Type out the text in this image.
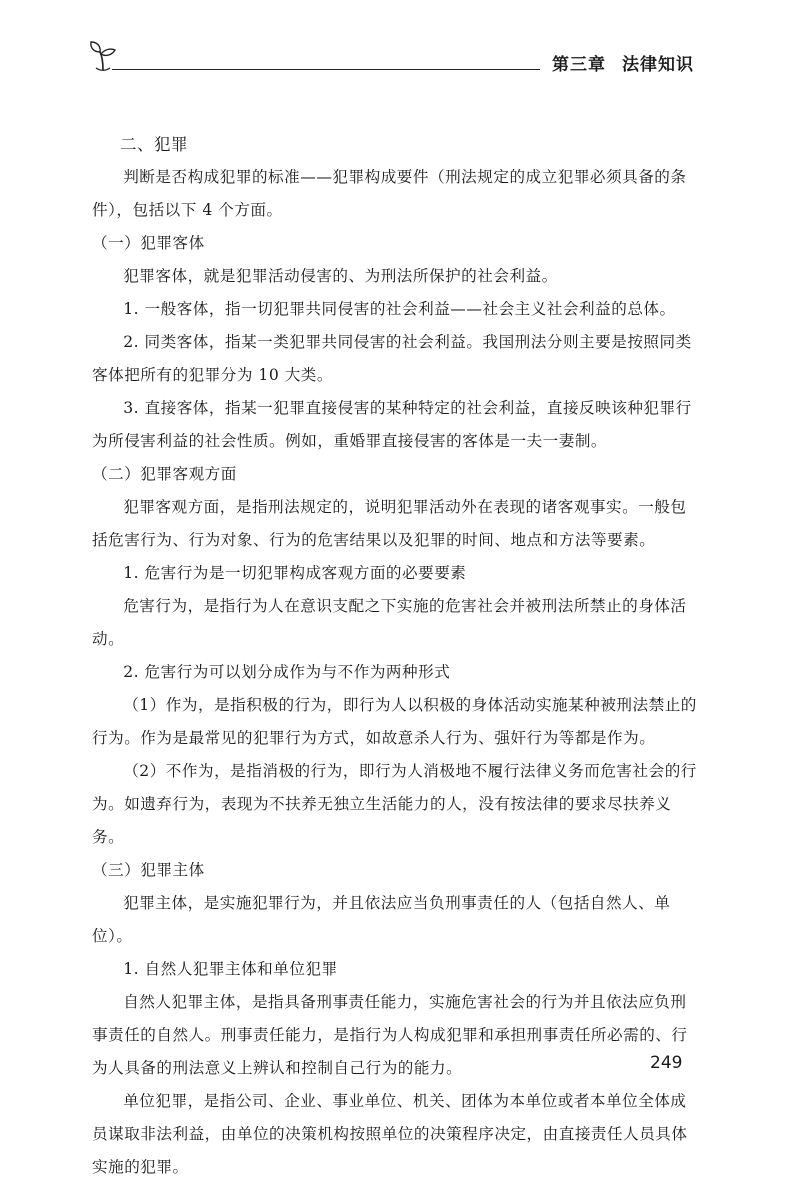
第三章 法律知识

二、犯罪

判断是否构成犯罪的标准——犯罪构成要件（刑法规定的成立犯罪必须具备的条件），包括以下 4 个方面。

（一）犯罪客体

犯罪客体，就是犯罪活动侵害的、为刑法所保护的社会利益。

1. 一般客体，指一切犯罪共同侵害的社会利益——社会主义社会利益的总体。

2. 同类客体，指某一类犯罪共同侵害的社会利益。我国刑法分则主要是按照同类客体把所有的犯罪分为 10 大类。

3. 直接客体，指某一犯罪直接侵害的某种特定的社会利益，直接反映该种犯罪行为所侵害利益的社会性质。例如，重婚罪直接侵害的客体是一夫一妻制。

（二）犯罪客观方面

犯罪客观方面，是指刑法规定的，说明犯罪活动外在表现的诸客观事实。一般包括危害行为、行为对象、行为的危害结果以及犯罪的时间、地点和方法等要素。

1. 危害行为是一切犯罪构成客观方面的必要要素

危害行为，是指行为人在意识支配之下实施的危害社会并被刑法所禁止的身体活动。

2. 危害行为可以划分成作为与不作为两种形式

（1）作为，是指积极的行为，即行为人以积极的身体活动实施某种被刑法禁止的行为。作为是最常见的犯罪行为方式，如故意杀人行为、强奸行为等都是作为。

（2）不作为，是指消极的行为，即行为人消极地不履行法律义务而危害社会的行为。如遗弃行为，表现为不扶养无独立生活能力的人，没有按法律的要求尽扶养义务。

（三）犯罪主体

犯罪主体，是实施犯罪行为，并且依法应当负刑事责任的人（包括自然人、单位）。

1. 自然人犯罪主体和单位犯罪

自然人犯罪主体，是指具备刑事责任能力，实施危害社会的行为并且依法应负刑事责任的自然人。刑事责任能力，是指行为人构成犯罪和承担刑事责任所必需的、行为人具备的刑法意义上辨认和控制自己行为的能力。

单位犯罪，是指公司、企业、事业单位、机关、团体为本单位或者本单位全体成员谋取非法利益，由单位的决策机构按照单位的决策程序决定，由直接责任人员具体实施的犯罪。

249
